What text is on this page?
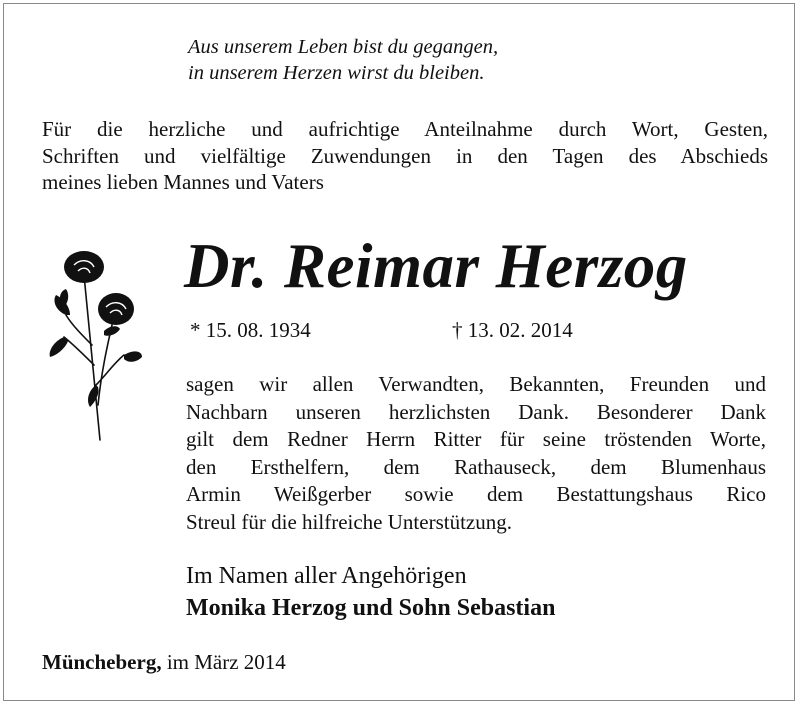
Aus unserem Leben bist du gegangen,
in unserem Herzen wirst du bleiben.
Für die herzliche und aufrichtige Anteilnahme durch Wort, Gesten,
Schriften und vielfältige Zuwendungen in den Tagen des Abschieds
meines lieben Mannes und Vaters
Dr. Reimar Herzog
* 15. 08. 1934	† 13. 02. 2014
sagen wir allen Verwandten, Bekannten, Freunden und
Nachbarn unseren herzlichsten Dank. Besonderer Dank
gilt dem Redner Herrn Ritter für seine tröstenden Worte,
den Ersthelfern, dem Rathauseck, dem Blumenhaus
Armin Weißgerber sowie dem Bestattungshaus Rico
Streul für die hilfreiche Unterstützung.
Im Namen aller Angehörigen
Monika Herzog und Sohn Sebastian
Müncheberg, im März 2014
